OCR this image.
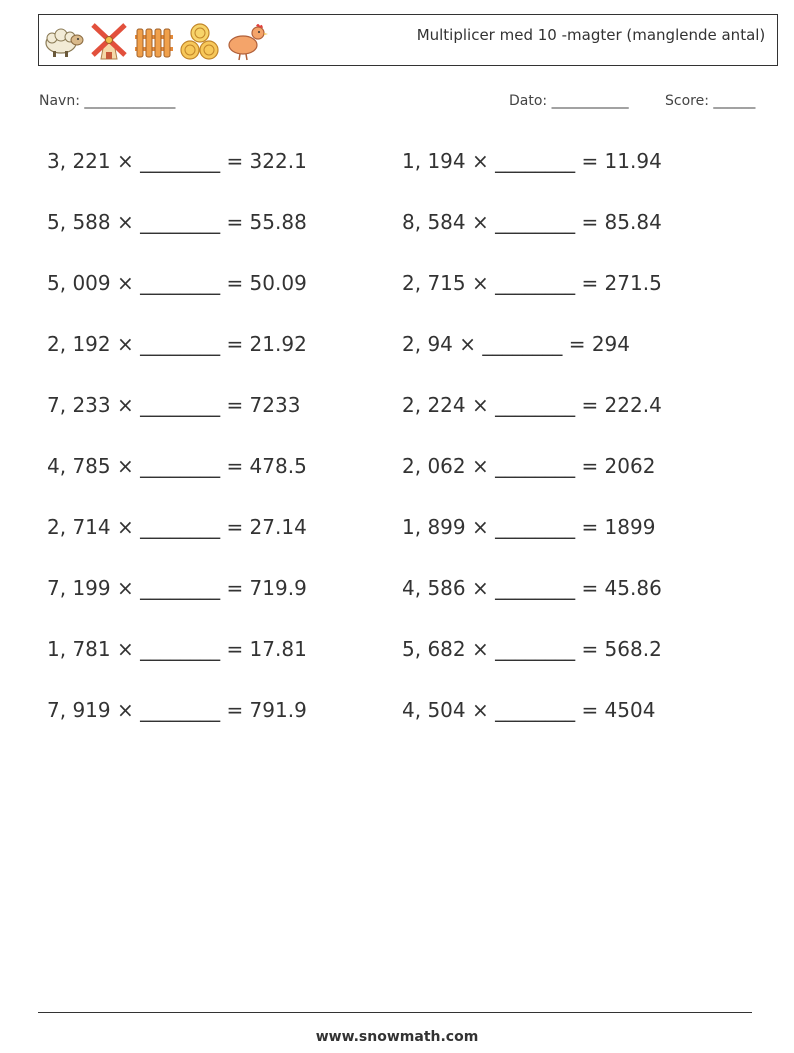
Multiplicer med 10 -magter (manglende antal)
Navn: _____________	Dato: ___________	Score: ______
3, 221 × ________ = 322.1
5, 588 × ________ = 55.88
5, 009 × ________ = 50.09
2, 192 × ________ = 21.92
7, 233 × ________ = 7233
4, 785 × ________ = 478.5
2, 714 × ________ = 27.14
7, 199 × ________ = 719.9
1, 781 × ________ = 17.81
7, 919 × ________ = 791.9
1, 194 × ________ = 11.94
8, 584 × ________ = 85.84
2, 715 × ________ = 271.5
2, 94 × ________ = 294
2, 224 × ________ = 222.4
2, 062 × ________ = 2062
1, 899 × ________ = 1899
4, 586 × ________ = 45.86
5, 682 × ________ = 568.2
4, 504 × ________ = 4504
www.snowmath.com
